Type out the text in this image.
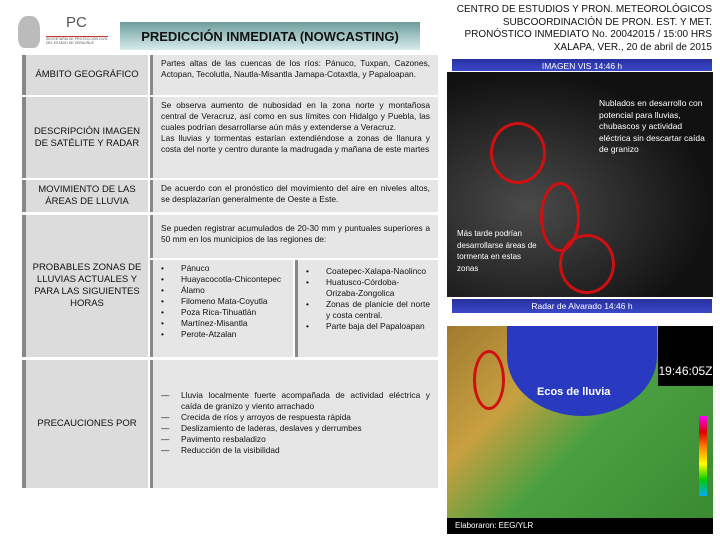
PC
SECRETARÍA DE PROTECCIÓN CIVIL DEL ESTADO DE VERACRUZ	PREDICCIÓN INMEDIATA (NOWCASTING)
CENTRO DE ESTUDIOS Y PRON. METEOROLÓGICOS
SUBCOORDINACIÓN DE PRON. EST. Y MET.
PRONÓSTICO INMEDIATO No. 20042015 / 15:00 HRS
XALAPA, VER., 20 de abril de 2015
ÁMBITO GEOGRÁFICO
Partes altas de las cuencas de los ríos: Pánuco, Tuxpan, Cazones, Actopan, Tecolutla, Nautla-Misantla Jamapa-Cotaxtla, y Papaloapan.
DESCRIPCIÓN IMAGEN DE SATÉLITE Y RADAR
Se observa aumento de nubosidad en la zona norte y montañosa central de Veracruz, así como en sus límites con Hidalgo y Puebla, las cuales podrían desarrollarse aún más y extenderse a Veracruz.
Las lluvias y tormentas estarían extendiéndose a zonas de llanura y costa del norte y centro durante la madrugada y mañana de este martes
MOVIMIENTO DE LAS ÁREAS DE LLUVIA
De acuerdo con el pronóstico del movimiento del aire en niveles altos, se desplazarían generalmente de Oeste a Este.
PROBABLES ZONAS DE LLUVIAS ACTUALES Y PARA LAS SIGUIENTES HORAS
Se pueden registrar acumulados de 20-30 mm y puntuales superiores a 50 mm en los municipios de las regiones de:
• Pánuco
• Huayacocotla-Chicontepec
• Álamo
• Filomeno Mata-Coyutla
• Poza Rica-Tihuatlán
• Martínez-Misantla
• Perote-Atzalan
• Coatepec-Xalapa-Naolinco
• Huatusco-Córdoba-Orizaba-Zongolica
• Zonas de planicie del norte y costa central.
• Parte baja del Papaloapan
PRECAUCIONES POR
— Lluvia localmente fuerte acompañada de actividad eléctrica y caída de granizo y viento arrachado
— Crecida de ríos y arroyos de respuesta rápida
— Deslizamiento de laderas, deslaves y derrumbes
— Pavimento resbaladizo
— Reducción de la visibilidad
IMAGEN VIS 14:46 h
Nublados en desarrollo con potencial para lluvias, chubascos y actividad eléctrica sin descartar caída de granizo
Más tarde podrían desarrollarse áreas de tormenta en estas zonas
Radar de Alvarado 14:46 h
Ecos de lluvia
19:46:05Z
Elaboraron: EEG/YLR
